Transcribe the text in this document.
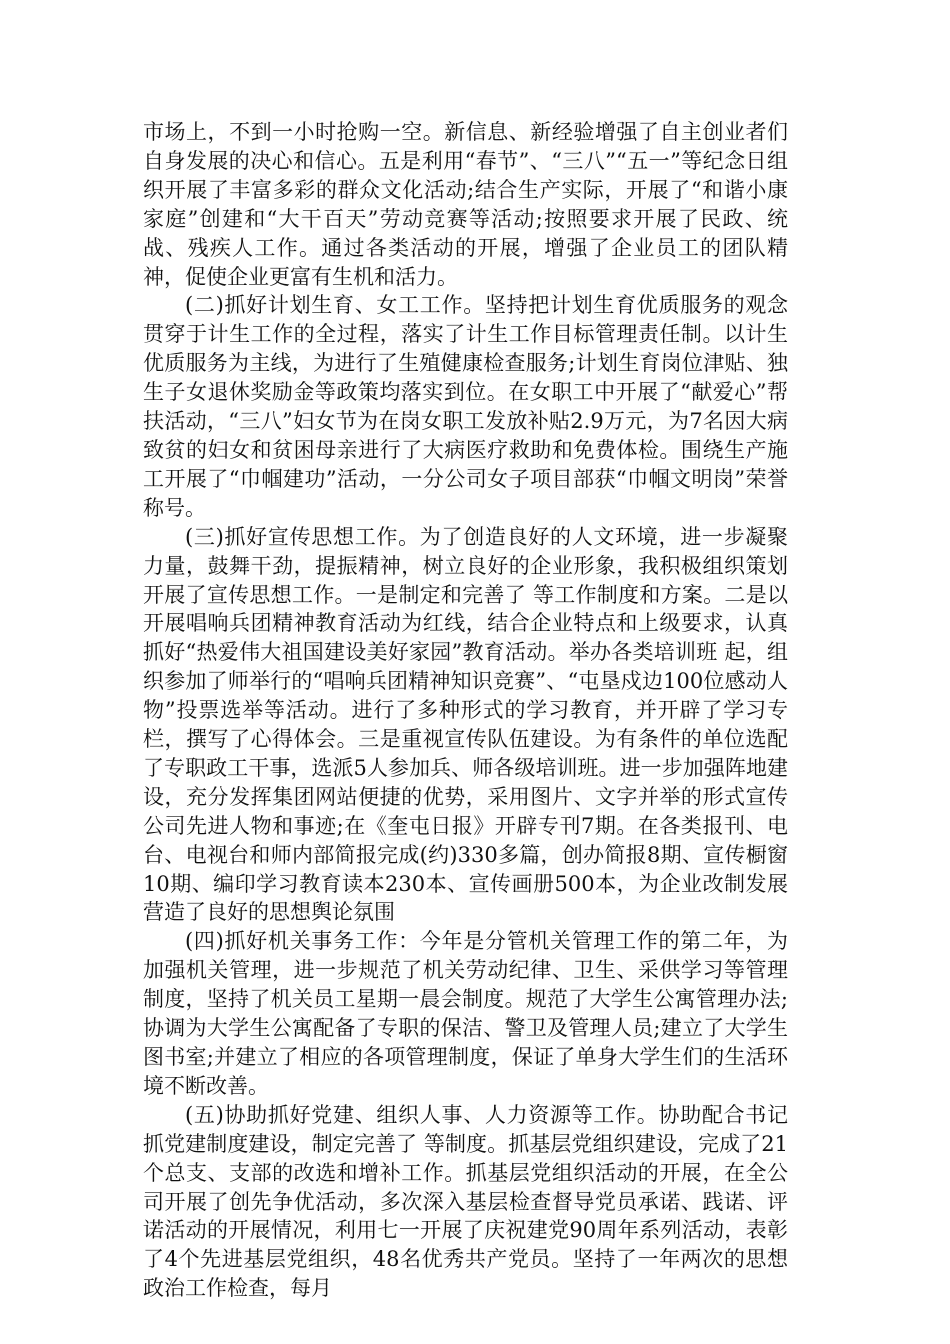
市场上，不到一小时抢购一空。新信息、新经验增强了自主创业者们自身发展的决心和信心。五是利用“春节”、“三八”“五一”等纪念日组织开展了丰富多彩的群众文化活动;结合生产实际，开展了“和谐小康家庭”创建和“大干百天”劳动竞赛等活动;按照要求开展了民政、统战、残疾人工作。通过各类活动的开展，增强了企业员工的团队精神，促使企业更富有生机和活力。

(二)抓好计划生育、女工工作。坚持把计划生育优质服务的观念贯穿于计生工作的全过程，落实了计生工作目标管理责任制。以计生优质服务为主线，为进行了生殖健康检查服务;计划生育岗位津贴、独生子女退休奖励金等政策均落实到位。在女职工中开展了“献爱心”帮扶活动，“三八”妇女节为在岗女职工发放补贴2.9万元，为7名因大病致贫的妇女和贫困母亲进行了大病医疗救助和免费体检。围绕生产施工开展了“巾帼建功”活动，一分公司女子项目部获“巾帼文明岗”荣誉称号。

(三)抓好宣传思想工作。为了创造良好的人文环境，进一步凝聚力量，鼓舞干劲，提振精神，树立良好的企业形象，我积极组织策划开展了宣传思想工作。一是制定和完善了 等工作制度和方案。二是以开展唱响兵团精神教育活动为红线，结合企业特点和上级要求，认真抓好“热爱伟大祖国建设美好家园”教育活动。举办各类培训班 起，组织参加了师举行的“唱响兵团精神知识竞赛”、“屯垦戍边100位感动人物”投票选举等活动。进行了多种形式的学习教育，并开辟了学习专栏，撰写了心得体会。三是重视宣传队伍建设。为有条件的单位选配了专职政工干事，选派5人参加兵、师各级培训班。进一步加强阵地建设，充分发挥集团网站便捷的优势，采用图片、文字并举的形式宣传公司先进人物和事迹;在《奎屯日报》开辟专刊7期。在各类报刊、电台、电视台和师内部简报完成(约)330多篇，创办简报8期、宣传橱窗10期、编印学习教育读本230本、宣传画册500本，为企业改制发展营造了良好的思想舆论氛围

(四)抓好机关事务工作：今年是分管机关管理工作的第二年，为加强机关管理，进一步规范了机关劳动纪律、卫生、采供学习等管理制度，坚持了机关员工星期一晨会制度。规范了大学生公寓管理办法;协调为大学生公寓配备了专职的保洁、警卫及管理人员;建立了大学生图书室;并建立了相应的各项管理制度，保证了单身大学生们的生活环境不断改善。

(五)协助抓好党建、组织人事、人力资源等工作。协助配合书记抓党建制度建设，制定完善了 等制度。抓基层党组织建设，完成了21个总支、支部的改选和增补工作。抓基层党组织活动的开展，在全公司开展了创先争优活动，多次深入基层检查督导党员承诺、践诺、评诺活动的开展情况，利用七一开展了庆祝建党90周年系列活动，表彰了4个先进基层党组织，48名优秀共产党员。坚持了一年两次的思想政治工作检查，每月
